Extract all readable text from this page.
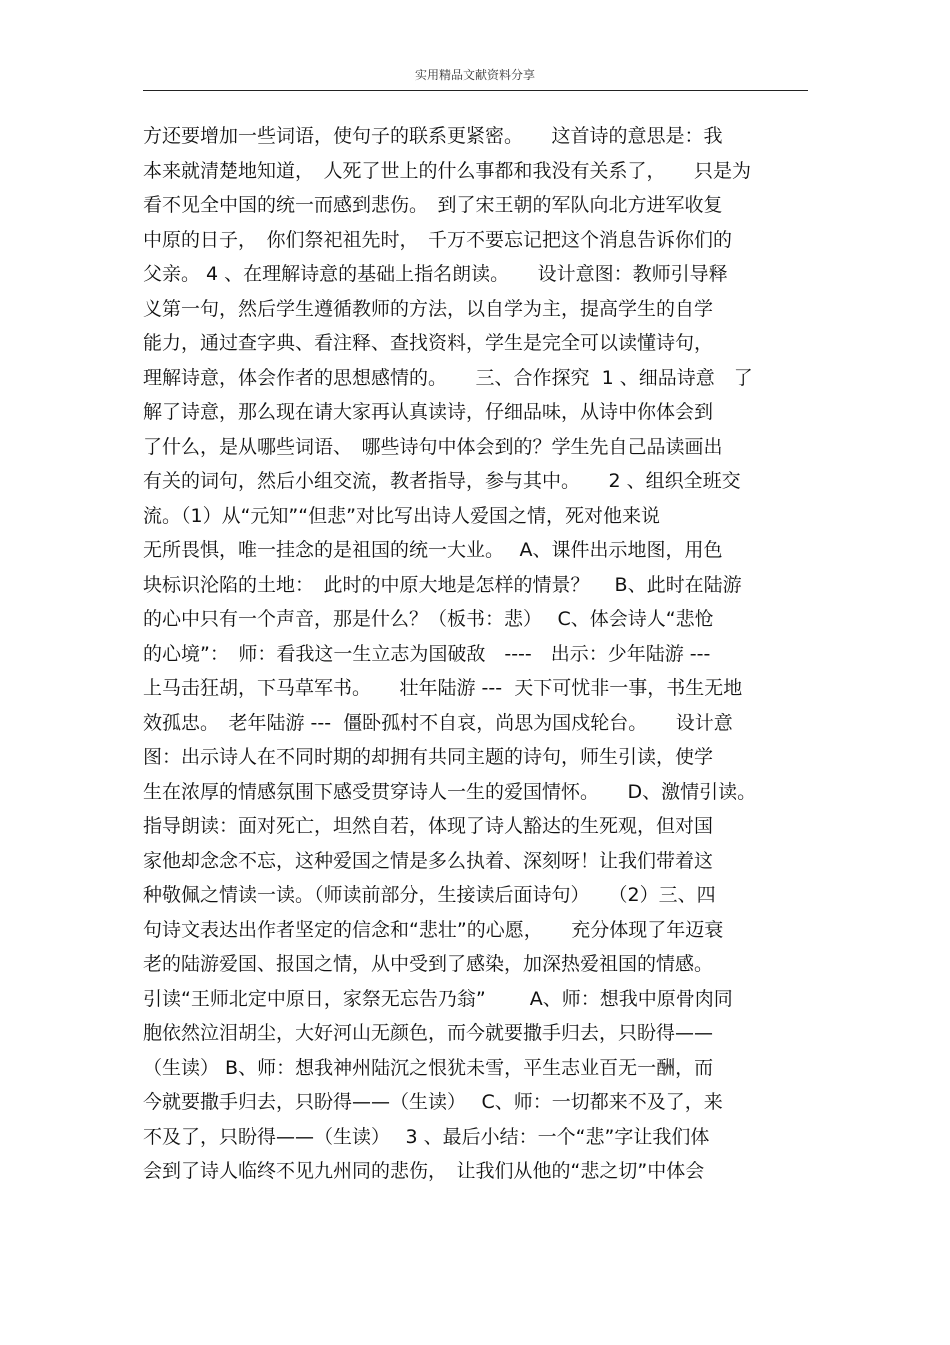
实用精品文献资料分享
方还要增加一些词语，使句子的联系更紧密。　　这首诗的意思是：我
本来就清楚地知道，　人死了世上的什么事都和我没有关系了，　　只是为
看不见全中国的统一而感到悲伤。　到了宋王朝的军队向北方进军收复
中原的日子，　你们祭祀祖先时，　千万不要忘记把这个消息告诉你们的
父亲。 4 、在理解诗意的基础上指名朗读。　　设计意图：教师引导释
义第一句，然后学生遵循教师的方法，以自学为主，提高学生的自学
能力，通过查字典、看注释、查找资料，学生是完全可以读懂诗句，
理解诗意，体会作者的思想感情的。　　三、合作探究  1 、细品诗意　了
解了诗意，那么现在请大家再认真读诗，仔细品味，从诗中你体会到
了什么，是从哪些词语、　哪些诗句中体会到的？学生先自己品读画出
有关的词句，然后小组交流，教者指导，参与其中。　　2 、组织全班交
流。（1）从“元知”“但悲”对比写出诗人爱国之情，死对他来说
无所畏惧，唯一挂念的是祖国的统一大业。　 A、课件出示地图，用色
块标识沦陷的土地：　此时的中原大地是怎样的情景？　 B、此时在陆游
的心中只有一个声音，那是什么？（板书：悲）　 C、体会诗人“悲怆
的心境”：　师：看我这一生立志为国破敌　----　出示：少年陆游 ---
上马击狂胡，下马草军书。　　壮年陆游 ---  天下可忧非一事，书生无地
效孤忠。　老年陆游 ---  僵卧孤村不自哀，尚思为国戍轮台。　　设计意
图：出示诗人在不同时期的却拥有共同主题的诗句，师生引读，使学
生在浓厚的情感氛围下感受贯穿诗人一生的爱国情怀。　　D、激情引读。
指导朗读：面对死亡，坦然自若，体现了诗人豁达的生死观，但对国
家他却念念不忘，这种爱国之情是多么执着、深刻呀！让我们带着这
种敬佩之情读一读。（师读前部分，生接读后面诗句）　　（2）三、四
句诗文表达出作者坚定的信念和“悲壮”的心愿，　　充分体现了年迈衰
老的陆游爱国、报国之情，从中受到了感染，加深热爱祖国的情感。
引读“王师北定中原日，家祭无忘告乃翁”　　 A、师：想我中原骨肉同
胞依然泣泪胡尘，大好河山无颜色，而今就要撒手归去，只盼得——
（生读） B、师：想我神州陆沉之恨犹未雪，平生志业百无一酬，而
今就要撒手归去，只盼得——（生读）　 C、师：一切都来不及了，来
不及了，只盼得——（生读）　 3 、最后小结：一个“悲”字让我们体
会到了诗人临终不见九州同的悲伤，　让我们从他的“悲之切”中体会
